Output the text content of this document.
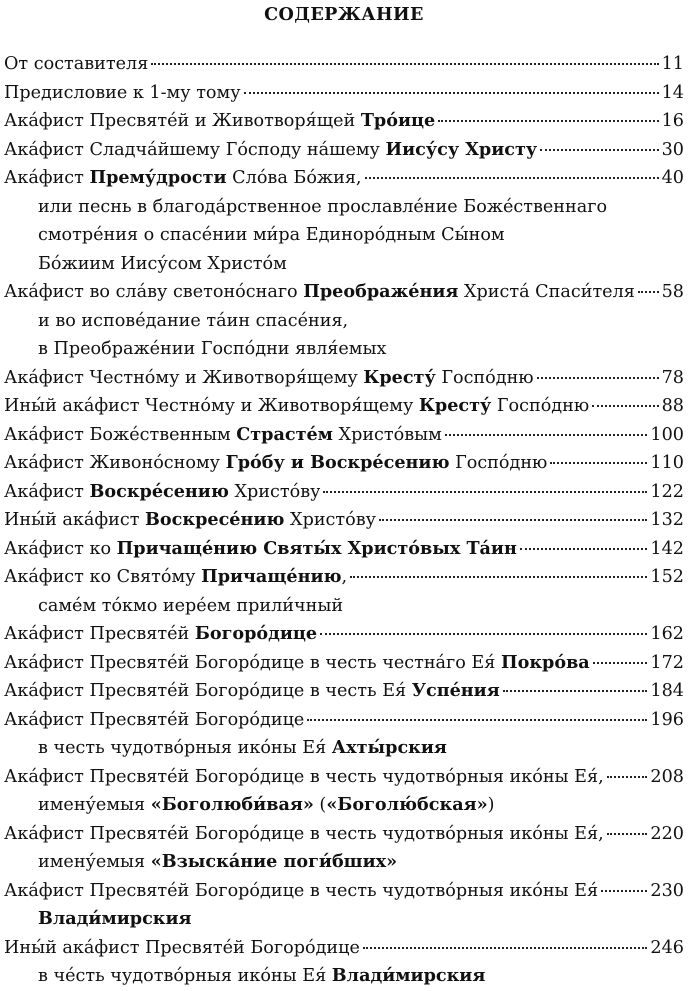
СОДЕРЖАНИЕ
От составителя	11
Предисловие к 1-му тому	14
Ака́фист Пресвяте́й и Животворя́щей Тро́ице	16
Ака́фист Сладча́йшему Го́споду на́шему Иису́су Христу	30
Ака́фист Прему́дрости Сло́ва Бо́жия,	40
или песнь в благода́рственное прославле́ние Боже́ственнаго
смотре́ния о спасе́нии ми́ра Единоро́дным Сы́ном
Бо́жиим Иису́сом Христо́м
Ака́фист во сла́ву светоно́снаго Преображе́ния Христа́ Спаси́теля 58
и во испове́дание та́ин спасе́ния,
в Преображе́нии Госпо́дни явля́емых
Ака́фист Честно́му и Животворя́щему Кресту́ Госпо́дню	78
Ины́й ака́фист Честно́му и Животворя́щему Кресту́ Госпо́дню	88
Ака́фист Боже́ственным Страсте́м Христо́вым	100
Ака́фист Живоно́сному Гро́бу и Воскре́сению Госпо́дню	110
Ака́фист Воскре́сению Христо́ву	122
Ины́й ака́фист Воскресе́нию Христо́ву	132
Ака́фист ко Причаще́нию Святы́х Христо́вых Та́ин	142
Ака́фист ко Свято́му Причаще́нию,	152
саме́м то́кмо иере́ем прили́чный
Ака́фист Пресвяте́й Богоро́дице	162
Ака́фист Пресвяте́й Богоро́дице в честь честна́го Ея́ Покро́ва	172
Ака́фист Пресвяте́й Богоро́дице в честь Ея́ Успе́ния	184
Ака́фист Пресвяте́й Богоро́дице	196
в честь чудотво́рныя ико́ны Ея́ Ахты́рския
Ака́фист Пресвяте́й Богоро́дице в честь чудотво́рныя ико́ны Ея́,	208
имену́емыя «Боголюби́вая» («Боголю́бская»)
Ака́фист Пресвяте́й Богоро́дице в честь чудотво́рныя ико́ны Ея́,	220
имену́емыя «Взыска́ние поги́бших»
Ака́фист Пресвяте́й Богоро́дице в честь чудотво́рныя ико́ны Ея́	230
Влади́мирския
Ины́й ака́фист Пресвяте́й Богоро́дице	246
в че́сть чудотво́рныя ико́ны Ея́ Влади́мирския
